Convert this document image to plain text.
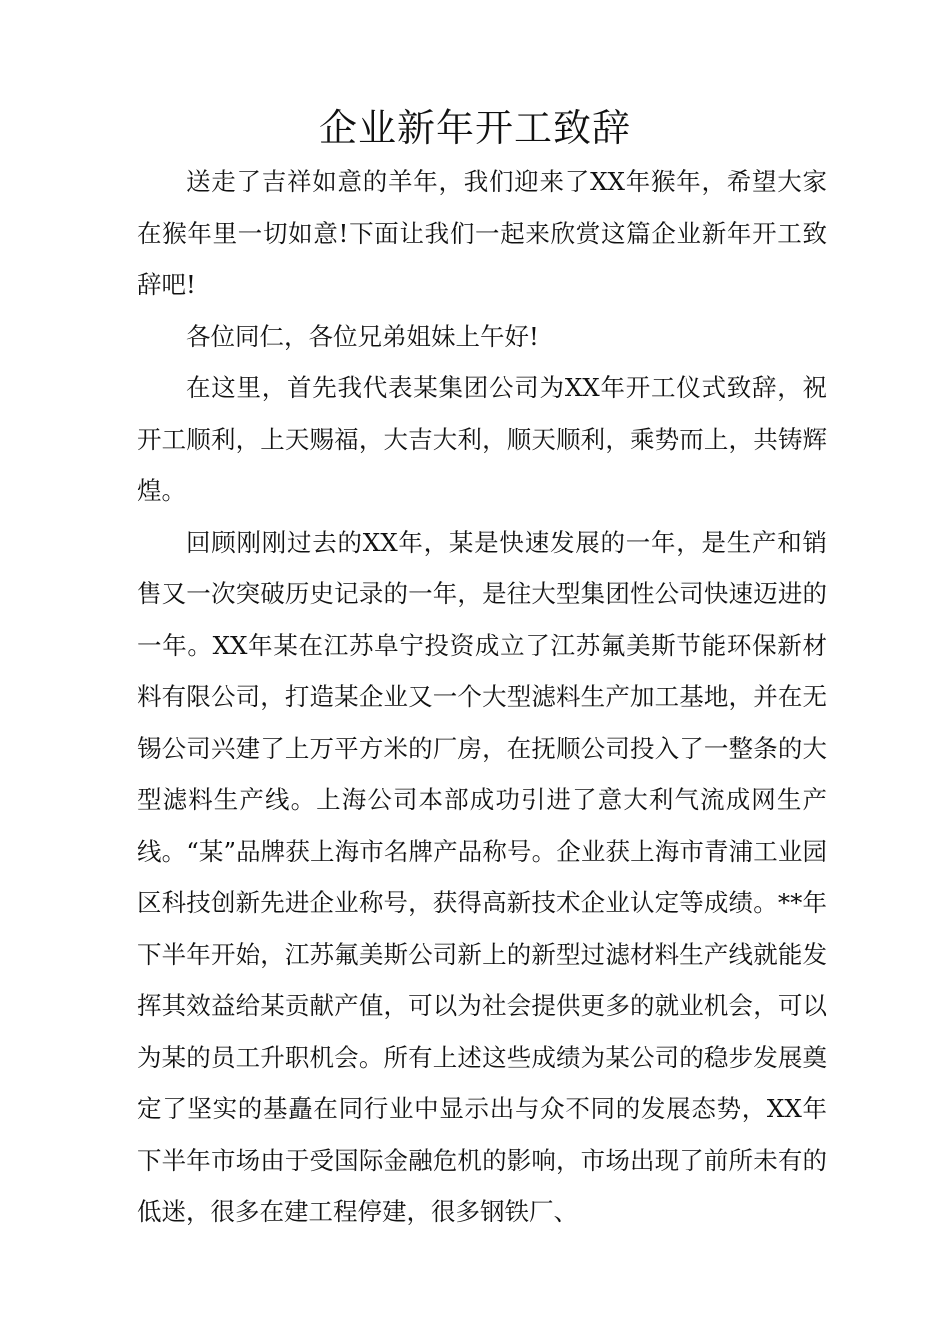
企业新年开工致辞

送走了吉祥如意的羊年，我们迎来了XX年猴年，希望大家在猴年里一切如意!下面让我们一起来欣赏这篇企业新年开工致辞吧!

各位同仁，各位兄弟姐妹上午好!

在这里，首先我代表某集团公司为XX年开工仪式致辞，祝开工顺利，上天赐福，大吉大利，顺天顺利，乘势而上，共铸辉煌。

回顾刚刚过去的XX年，某是快速发展的一年，是生产和销售又一次突破历史记录的一年，是往大型集团性公司快速迈进的一年。XX年某在江苏阜宁投资成立了江苏氟美斯节能环保新材料有限公司，打造某企业又一个大型滤料生产加工基地，并在无锡公司兴建了上万平方米的厂房，在抚顺公司投入了一整条的大型滤料生产线。上海公司本部成功引进了意大利气流成网生产线。“某”品牌获上海市名牌产品称号。企业获上海市青浦工业园区科技创新先进企业称号，获得高新技术企业认定等成绩。**年下半年开始，江苏氟美斯公司新上的新型过滤材料生产线就能发挥其效益给某贡献产值，可以为社会提供更多的就业机会，可以为某的员工升职机会。所有上述这些成绩为某公司的稳步发展奠定了坚实的基矗在同行业中显示出与众不同的发展态势，XX年下半年市场由于受国际金融危机的影响，市场出现了前所未有的低迷，很多在建工程停建，很多钢铁厂、
